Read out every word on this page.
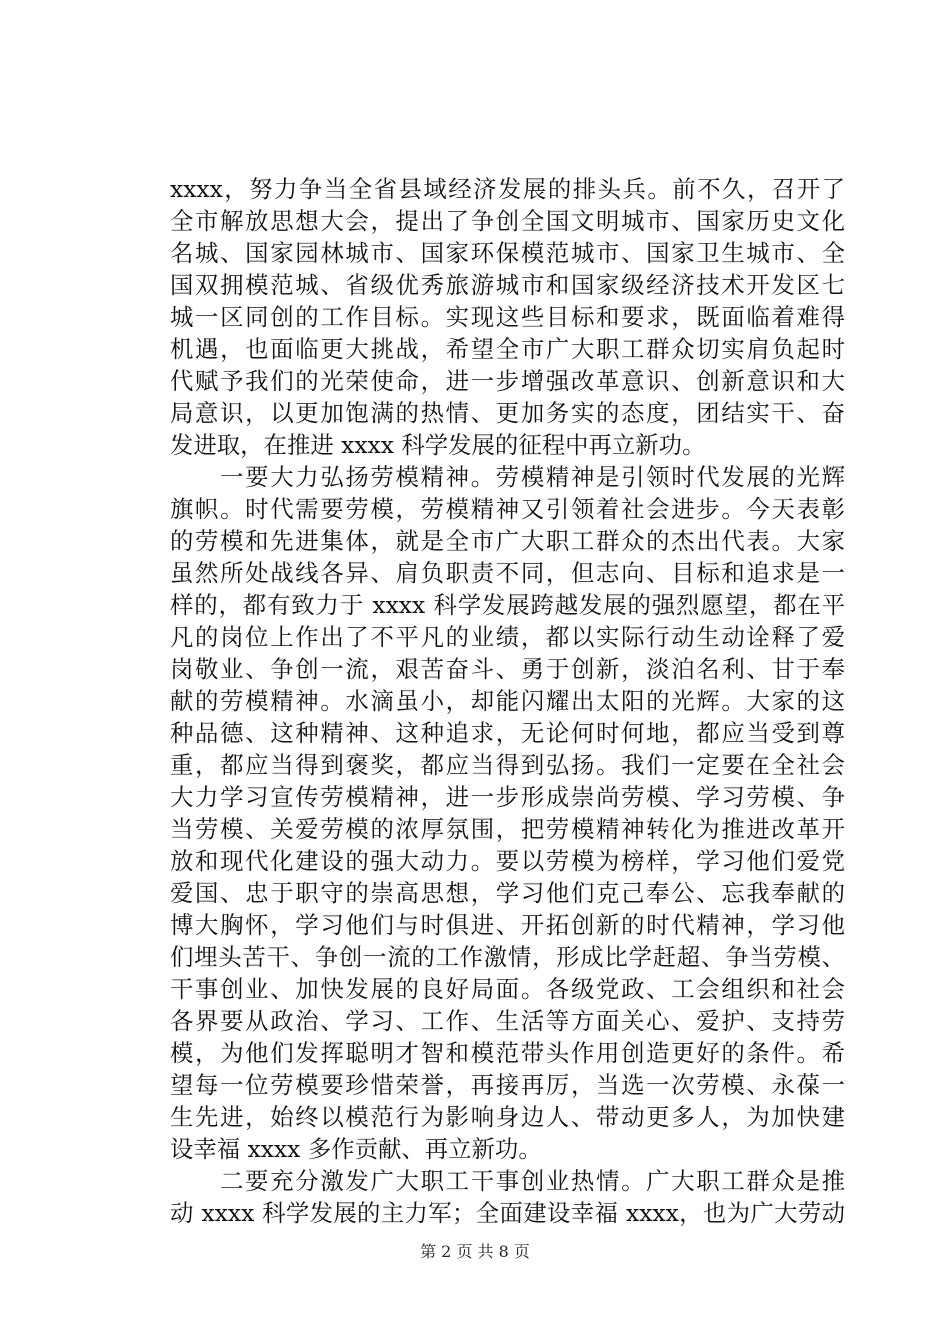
xxxx，努力争当全省县域经济发展的排头兵。前不久，召开了
全市解放思想大会，提出了争创全国文明城市、国家历史文化
名城、国家园林城市、国家环保模范城市、国家卫生城市、全
国双拥模范城、省级优秀旅游城市和国家级经济技术开发区七
城一区同创的工作目标。实现这些目标和要求，既面临着难得
机遇，也面临更大挑战，希望全市广大职工群众切实肩负起时
代赋予我们的光荣使命，进一步增强改革意识、创新意识和大
局意识，以更加饱满的热情、更加务实的态度，团结实干、奋
发进取，在推进 xxxx 科学发展的征程中再立新功。
　　一要大力弘扬劳模精神。劳模精神是引领时代发展的光辉
旗帜。时代需要劳模，劳模精神又引领着社会进步。今天表彰
的劳模和先进集体，就是全市广大职工群众的杰出代表。大家
虽然所处战线各异、肩负职责不同，但志向、目标和追求是一
样的，都有致力于 xxxx 科学发展跨越发展的强烈愿望，都在平
凡的岗位上作出了不平凡的业绩，都以实际行动生动诠释了爱
岗敬业、争创一流，艰苦奋斗、勇于创新，淡泊名利、甘于奉
献的劳模精神。水滴虽小，却能闪耀出太阳的光辉。大家的这
种品德、这种精神、这种追求，无论何时何地，都应当受到尊
重，都应当得到褒奖，都应当得到弘扬。我们一定要在全社会
大力学习宣传劳模精神，进一步形成崇尚劳模、学习劳模、争
当劳模、关爱劳模的浓厚氛围，把劳模精神转化为推进改革开
放和现代化建设的强大动力。要以劳模为榜样，学习他们爱党
爱国、忠于职守的崇高思想，学习他们克己奉公、忘我奉献的
博大胸怀，学习他们与时俱进、开拓创新的时代精神，学习他
们埋头苦干、争创一流的工作激情，形成比学赶超、争当劳模、
干事创业、加快发展的良好局面。各级党政、工会组织和社会
各界要从政治、学习、工作、生活等方面关心、爱护、支持劳
模，为他们发挥聪明才智和模范带头作用创造更好的条件。希
望每一位劳模要珍惜荣誉，再接再厉，当选一次劳模、永葆一
生先进，始终以模范行为影响身边人、带动更多人，为加快建
设幸福 xxxx 多作贡献、再立新功。
　　二要充分激发广大职工干事创业热情。广大职工群众是推
动 xxxx 科学发展的主力军；全面建设幸福 xxxx，也为广大劳动
第 2 页 共 8 页
